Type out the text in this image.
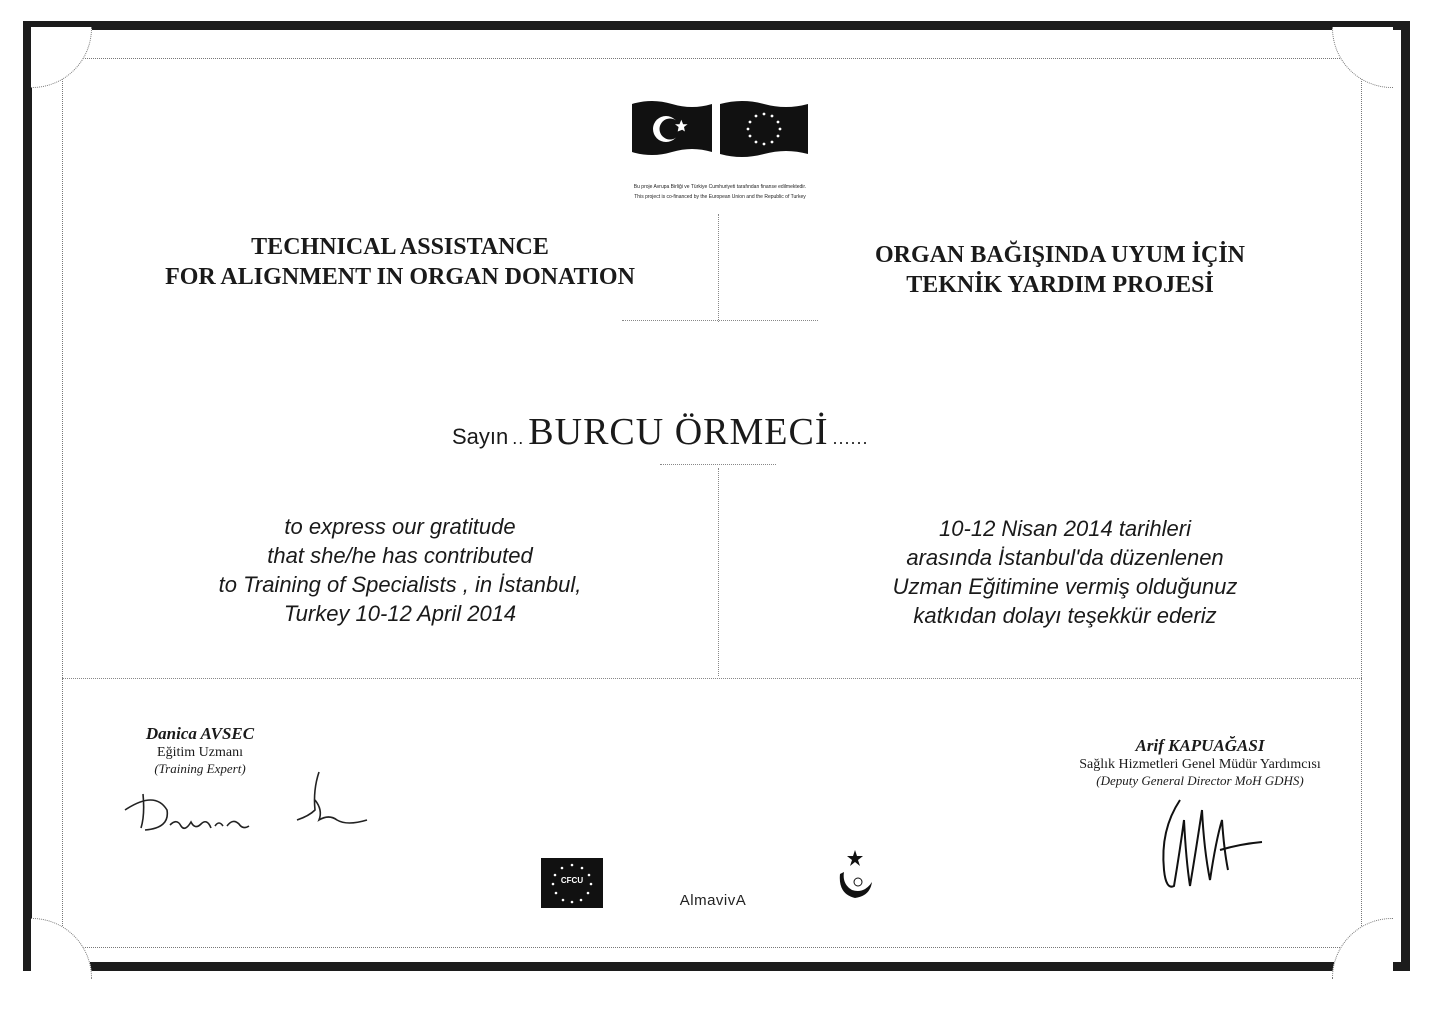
Bu proje Avrupa Birliği ve Türkiye Cumhuriyeti tarafından finanse edilmektedir.
This project is co-financed by the European Union and the Republic of Turkey
TECHNICAL ASSISTANCE
FOR ALIGNMENT IN ORGAN DONATION
ORGAN BAĞIŞINDA UYUM İÇİN
TEKNİK YARDIM PROJESİ
Sayın .. BURCU ÖRMECİ ......
to express our gratitude
that she/he has contributed
to Training of Specialists , in İstanbul,
Turkey 10-12 April 2014
10-12 Nisan 2014 tarihleri
arasında İstanbul'da düzenlenen
Uzman Eğitimine vermiş olduğunuz
katkıdan dolayı teşekkür ederiz
Danica AVSEC
Eğitim Uzmanı
(Training Expert)
Arif KAPUAĞASI
Sağlık Hizmetleri Genel Müdür Yardımcısı
(Deputy General Director MoH GDHS)
CFCU
AlmavivA
